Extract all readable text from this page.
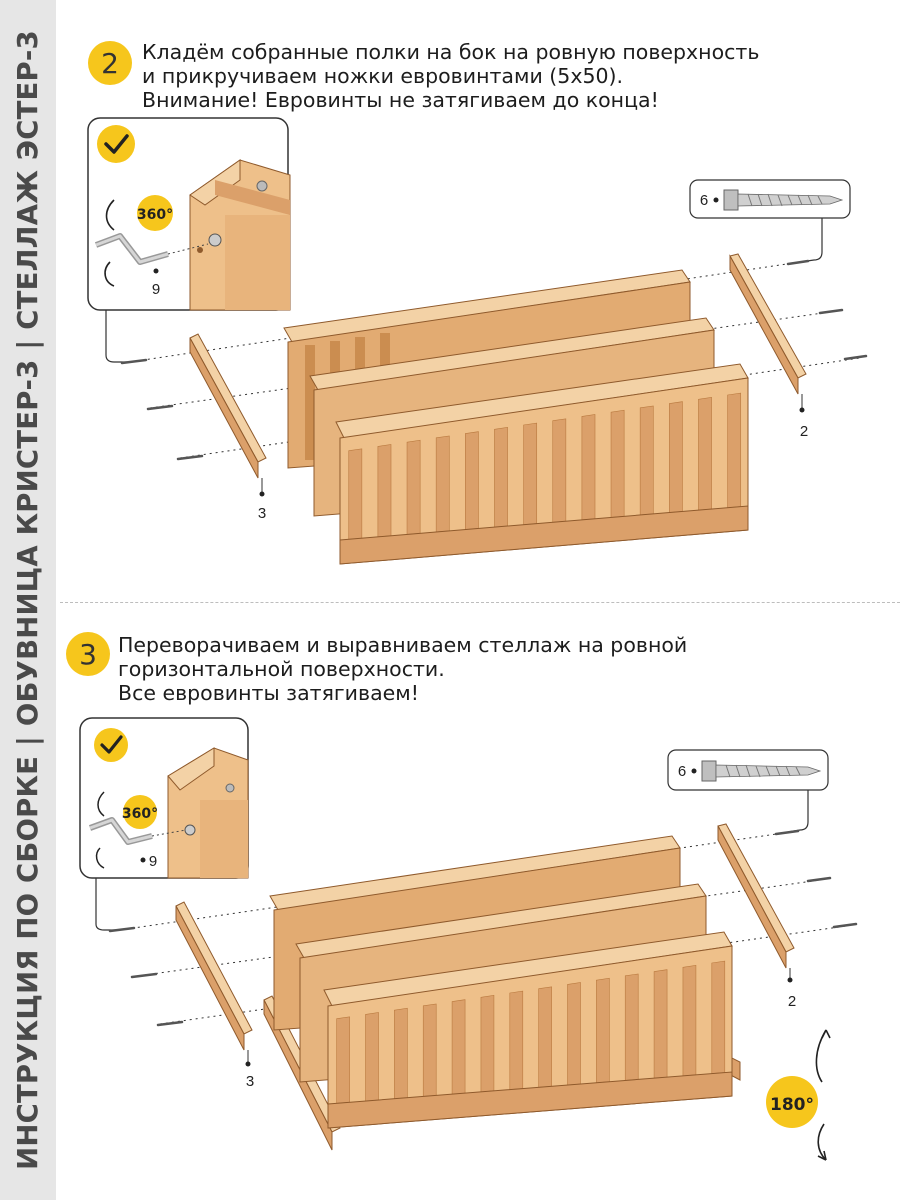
ИНСТРУКЦИЯ ПО СБОРКЕ | ОБУВНИЦА КРИСТЕР-3 | СТЕЛЛАЖ ЭСТЕР-3	2	Кладём собранные полки на бок на ровную поверхность
и прикручиваем ножки евровинтами (5х50).
Внимание! Евровинты не затягиваем до конца!
3	Переворачиваем и выравниваем стеллаж на ровной
горизонтальной поверхности.
Все евровинты затягиваем!
360°
9
6
3
2
360°
9
6
3
2
180°
